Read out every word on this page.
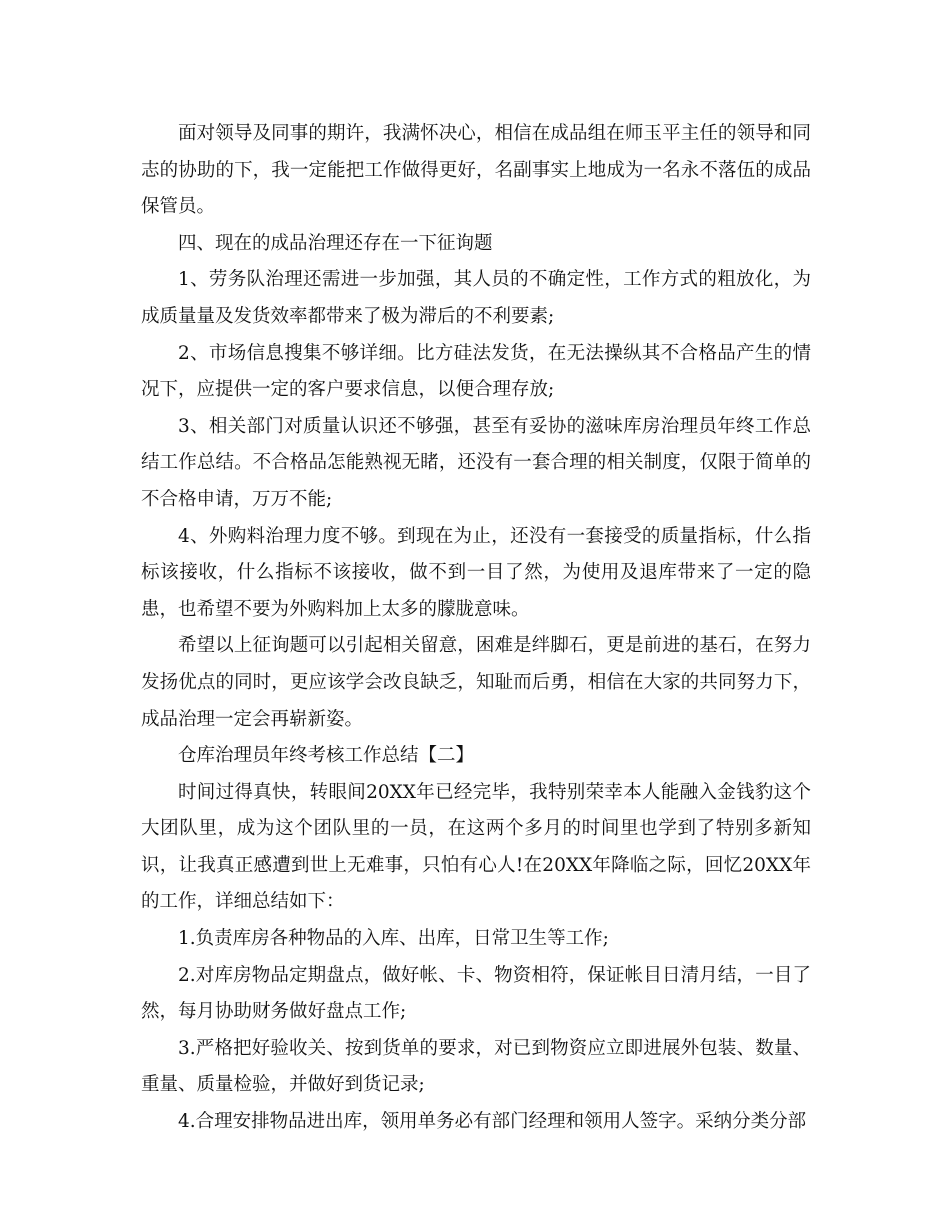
面对领导及同事的期许，我满怀决心，相信在成品组在师玉平主任的领导和同志的协助的下，我一定能把工作做得更好，名副事实上地成为一名永不落伍的成品保管员。

四、现在的成品治理还存在一下征询题

1、劳务队治理还需进一步加强，其人员的不确定性，工作方式的粗放化，为成质量量及发货效率都带来了极为滞后的不利要素;

2、市场信息搜集不够详细。比方硅法发货，在无法操纵其不合格品产生的情况下，应提供一定的客户要求信息，以便合理存放;

3、相关部门对质量认识还不够强，甚至有妥协的滋味库房治理员年终工作总结工作总结。不合格品怎能熟视无睹，还没有一套合理的相关制度，仅限于简单的不合格申请，万万不能;

4、外购料治理力度不够。到现在为止，还没有一套接受的质量指标，什么指标该接收，什么指标不该接收，做不到一目了然，为使用及退库带来了一定的隐患，也希望不要为外购料加上太多的朦胧意味。

希望以上征询题可以引起相关留意，困难是绊脚石，更是前进的基石，在努力发扬优点的同时，更应该学会改良缺乏，知耻而后勇，相信在大家的共同努力下，成品治理一定会再崭新姿。

仓库治理员年终考核工作总结【二】

时间过得真快，转眼间20XX年已经完毕，我特别荣幸本人能融入金钱豹这个大团队里，成为这个团队里的一员，在这两个多月的时间里也学到了特别多新知识，让我真正感遭到世上无难事，只怕有心人!在20XX年降临之际，回忆20XX年的工作，详细总结如下：

1.负责库房各种物品的入库、出库，日常卫生等工作;

2.对库房物品定期盘点，做好帐、卡、物资相符，保证帐目日清月结，一目了然，每月协助财务做好盘点工作;

3.严格把好验收关、按到货单的要求，对已到物资应立即进展外包装、数量、重量、质量检验，并做好到货记录;

4.合理安排物品进出库，领用单务必有部门经理和领用人签字。采纳分类分部
